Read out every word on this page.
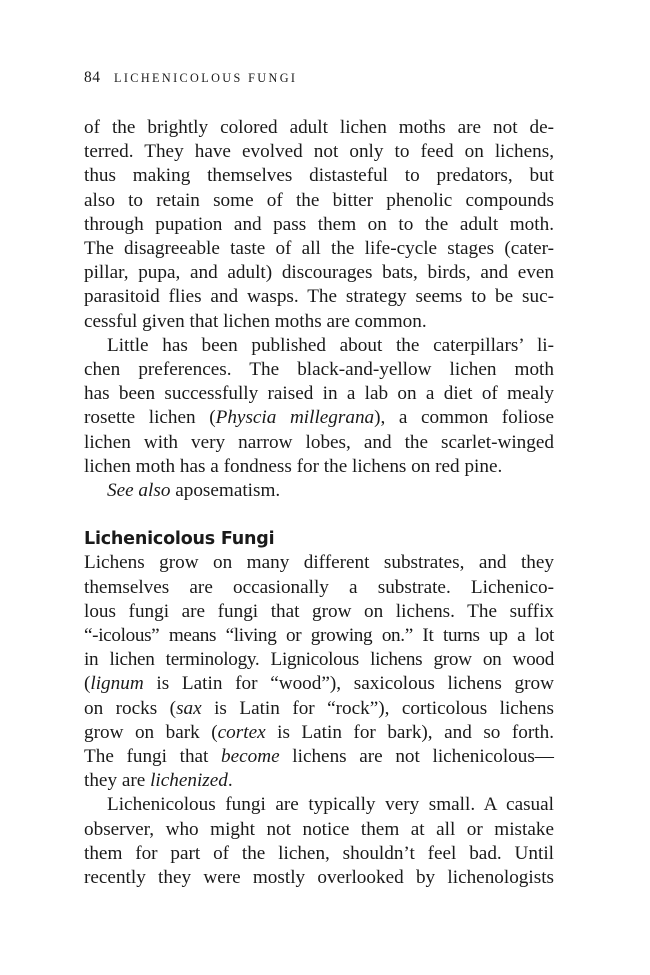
84 LICHENICOLOUS FUNGI

of the brightly colored adult lichen moths are not de-
terred. They have evolved not only to feed on lichens,
thus making themselves distasteful to predators, but
also to retain some of the bitter phenolic compounds
through pupation and pass them on to the adult moth.
The disagreeable taste of all the life-cycle stages (cater-
pillar, pupa, and adult) discourages bats, birds, and even
parasitoid flies and wasps. The strategy seems to be suc-
cessful given that lichen moths are common.

Little has been published about the caterpillars’ li-
chen preferences. The black-and-yellow lichen moth
has been successfully raised in a lab on a diet of mealy
rosette lichen (Physcia millegrana), a common foliose
lichen with very narrow lobes, and the scarlet-winged
lichen moth has a fondness for the lichens on red pine.

See also aposematism.

Lichenicolous Fungi

Lichens grow on many different substrates, and they
themselves are occasionally a substrate. Lichenico-
lous fungi are fungi that grow on lichens. The suffix
“-icolous” means “living or growing on.” It turns up a lot
in lichen terminology. Lignicolous lichens grow on wood
(lignum is Latin for “wood”), saxicolous lichens grow
on rocks (sax is Latin for “rock”), corticolous lichens
grow on bark (cortex is Latin for bark), and so forth.
The fungi that become lichens are not lichenicolous—
they are lichenized.

Lichenicolous fungi are typically very small. A casual
observer, who might not notice them at all or mistake
them for part of the lichen, shouldn’t feel bad. Until
recently they were mostly overlooked by lichenologists
